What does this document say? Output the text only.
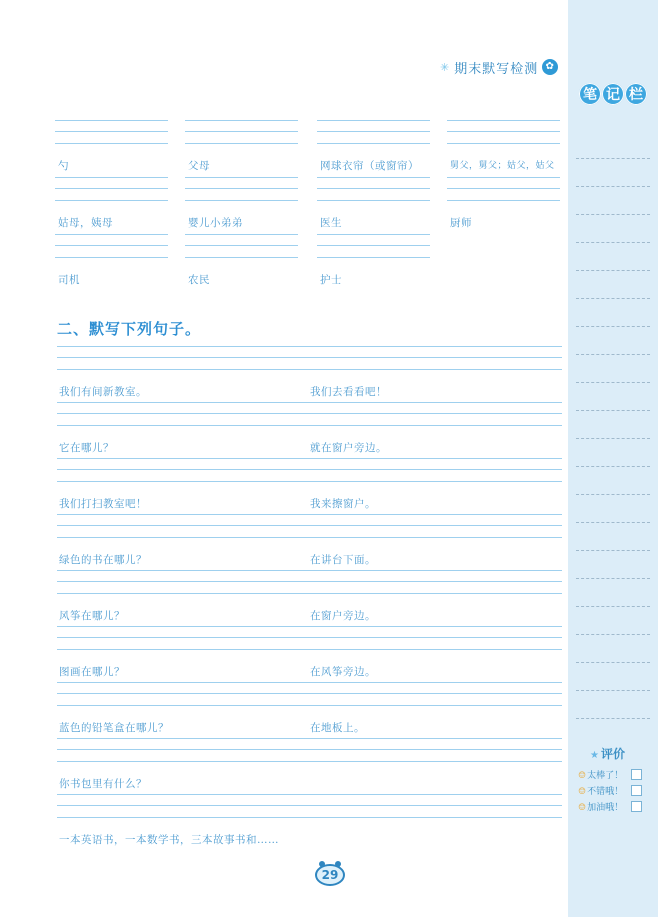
✳ 期末默写检测 ✿
勺	父母	网球衣帘（或窗帘）	舅父，舅父；姑父，姑父
姑母，姨母	婴儿小弟弟	医生	厨师
司机	农民	护士
二、默写下列句子。
我们有间新教室。	我们去看看吧！
它在哪儿？	就在窗户旁边。
我们打扫教室吧！	我来擦窗户。
绿色的书在哪儿？	在讲台下面。
风筝在哪儿？	在窗户旁边。
图画在哪儿？	在风筝旁边。
蓝色的铅笔盒在哪儿？	在地板上。
你书包里有什么？
一本英语书，一本数学书，三本故事书和……
29
笔 记 栏
★ 评价
☺太棒了！
☺不错哦！
☺加油哦！
